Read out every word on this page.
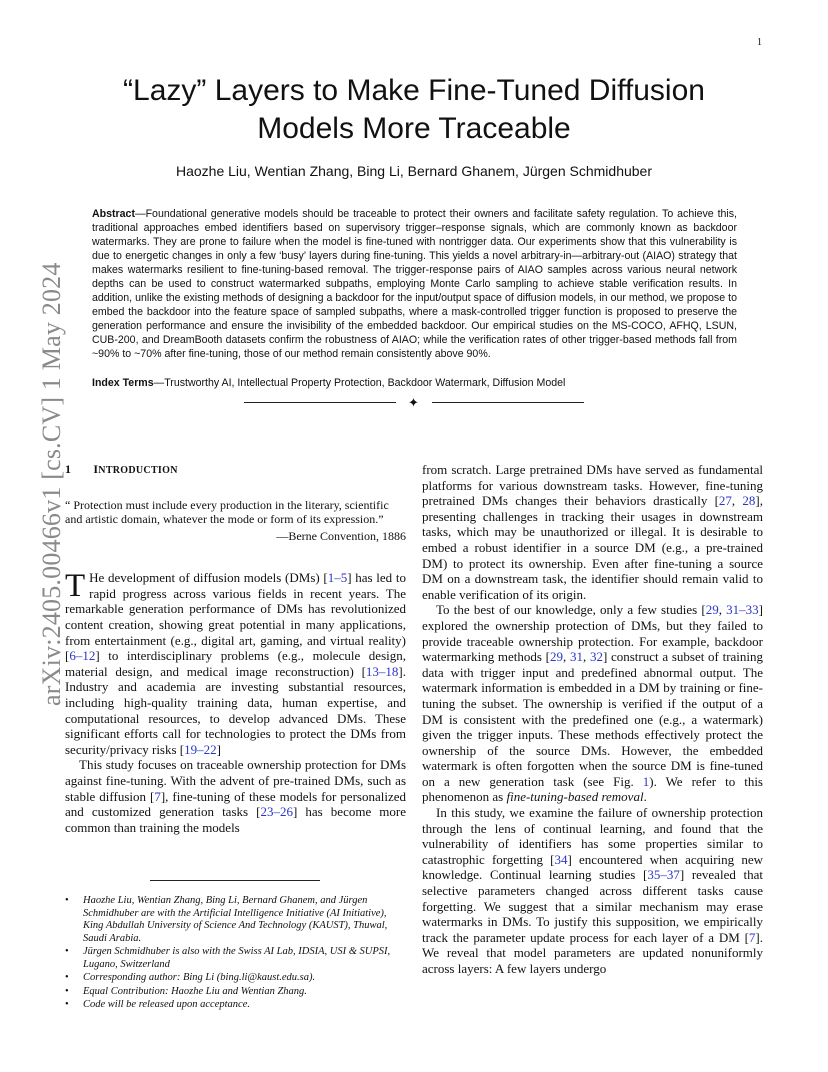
1
arXiv:2405.00466v1 [cs.CV] 1 May 2024
“Lazy” Layers to Make Fine-Tuned Diffusion
Models More Traceable
Haozhe Liu, Wentian Zhang, Bing Li, Bernard Ghanem, Jürgen Schmidhuber
Abstract—Foundational generative models should be traceable to protect their owners and facilitate safety regulation. To achieve this, traditional approaches embed identifiers based on supervisory trigger–response signals, which are commonly known as backdoor watermarks. They are prone to failure when the model is fine-tuned with nontrigger data. Our experiments show that this vulnerability is due to energetic changes in only a few ‘busy’ layers during fine-tuning. This yields a novel arbitrary-in—arbitrary-out (AIAO) strategy that makes watermarks resilient to fine-tuning-based removal. The trigger-response pairs of AIAO samples across various neural network depths can be used to construct watermarked subpaths, employing Monte Carlo sampling to achieve stable verification results. In addition, unlike the existing methods of designing a backdoor for the input/output space of diffusion models, in our method, we propose to embed the backdoor into the feature space of sampled subpaths, where a mask-controlled trigger function is proposed to preserve the generation performance and ensure the invisibility of the embedded backdoor. Our empirical studies on the MS-COCO, AFHQ, LSUN, CUB-200, and DreamBooth datasets confirm the robustness of AIAO; while the verification rates of other trigger-based methods fall from ~90% to ~70% after fine-tuning, those of our method remain consistently above 90%.
Index Terms—Trustworthy AI, Intellectual Property Protection, Backdoor Watermark, Diffusion Model
✦
1 INTRODUCTION
“ Protection must include every production in the literary, scientific and artistic domain, whatever the mode or form of its expression.”
—Berne Convention, 1886

T He development of diffusion models (DMs) [1–5] has led to rapid progress across various fields in recent years. The remarkable generation performance of DMs has revolutionized content creation, showing great potential in many applications, from entertainment (e.g., digital art, gaming, and virtual reality) [6–12] to interdisciplinary problems (e.g., molecule design, material design, and medical image reconstruction) [13–18]. Industry and academia are investing substantial resources, including high-quality training data, human expertise, and computational resources, to develop advanced DMs. These significant efforts call for technologies to protect the DMs from security/privacy risks [19–22]

This study focuses on traceable ownership protection for DMs against fine-tuning. With the advent of pre-trained DMs, such as stable diffusion [7], fine-tuning of these models for personalized and customized generation tasks [23–26] has become more common than training the models

from scratch. Large pretrained DMs have served as fundamental platforms for various downstream tasks. However, fine-tuning pretrained DMs changes their behaviors drastically [27, 28], presenting challenges in tracking their usages in downstream tasks, which may be unauthorized or illegal. It is desirable to embed a robust identifier in a source DM (e.g., a pre-trained DM) to protect its ownership. Even after fine-tuning a source DM on a downstream task, the identifier should remain valid to enable verification of its origin.

To the best of our knowledge, only a few studies [29, 31–33] explored the ownership protection of DMs, but they failed to provide traceable ownership protection. For example, backdoor watermarking methods [29, 31, 32] construct a subset of training data with trigger input and predefined abnormal output. The watermark information is embedded in a DM by training or fine-tuning the subset. The ownership is verified if the output of a DM is consistent with the predefined one (e.g., a watermark) given the trigger inputs. These methods effectively protect the ownership of the source DMs. However, the embedded watermark is often forgotten when the source DM is fine-tuned on a new generation task (see Fig. 1). We refer to this phenomenon as fine-tuning-based removal.

In this study, we examine the failure of ownership protection through the lens of continual learning, and found that the vulnerability of identifiers has some properties similar to catastrophic forgetting [34] encountered when acquiring new knowledge. Continual learning studies [35–37] revealed that selective parameters changed across different tasks cause forgetting. We suggest that a similar mechanism may erase watermarks in DMs. To justify this supposition, we empirically track the parameter update process for each layer of a DM [7]. We reveal that model parameters are updated nonuniformly across layers: A few layers undergo

• Haozhe Liu, Wentian Zhang, Bing Li, Bernard Ghanem, and Jürgen Schmidhuber are with the Artificial Intelligence Initiative (AI Initiative), King Abdullah University of Science And Technology (KAUST), Thuwal, Saudi Arabia.
• Jürgen Schmidhuber is also with the Swiss AI Lab, IDSIA, USI & SUPSI, Lugano, Switzerland
• Corresponding author: Bing Li (bing.li@kaust.edu.sa).
• Equal Contribution: Haozhe Liu and Wentian Zhang.
• Code will be released upon acceptance.
